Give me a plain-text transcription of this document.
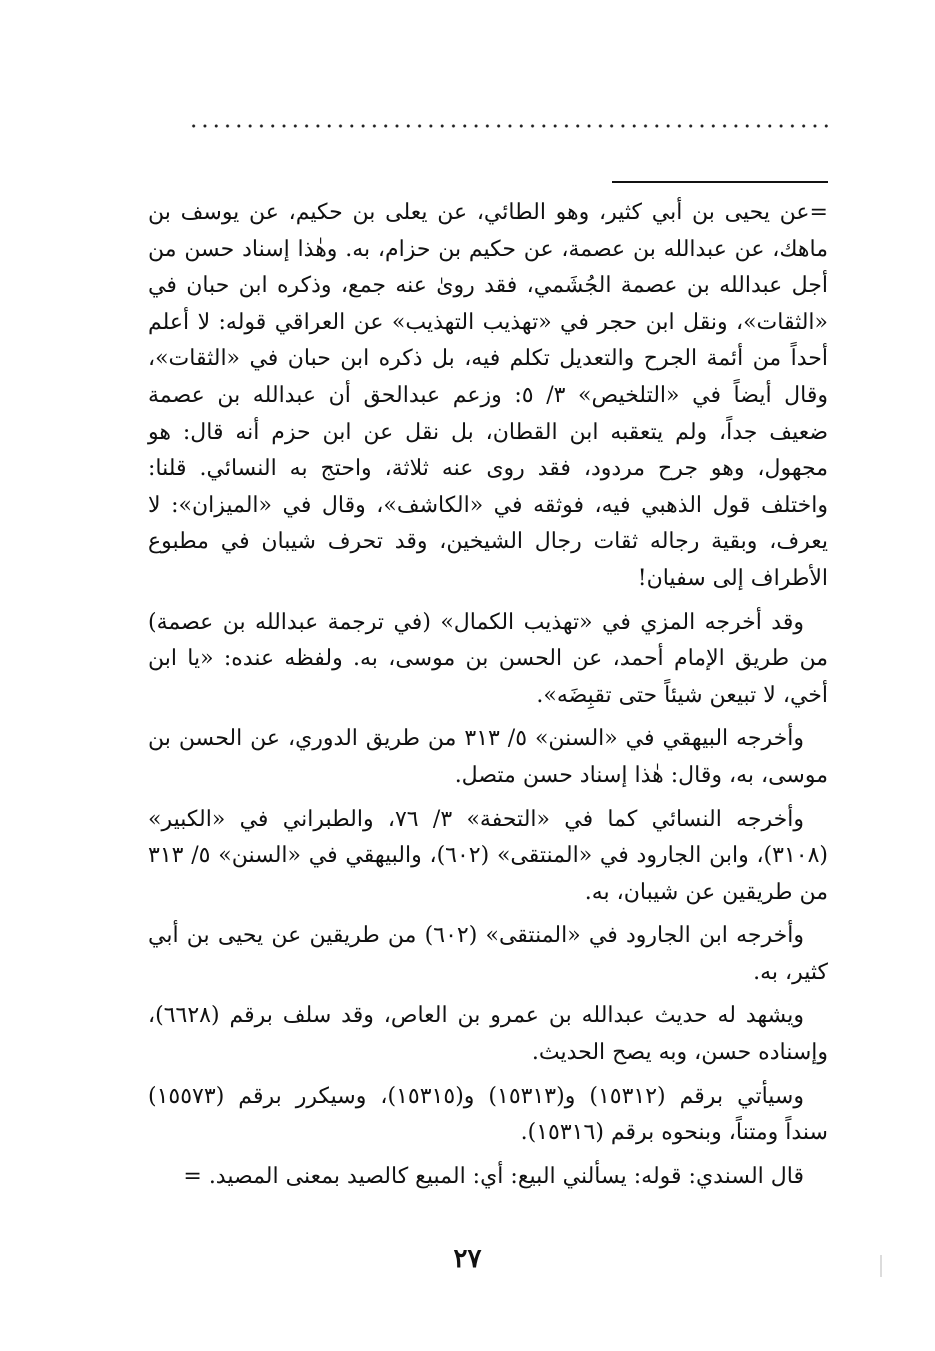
=عن يحيى بن أبي كثير، وهو الطائي، عن يعلى بن حكيم، عن يوسف بن ماهك، عن عبدالله بن عصمة، عن حكيم بن حزام، به. وهٰذا إسناد حسن من أجل عبدالله بن عصمة الجُشَمي، فقد روىٰ عنه جمع، وذكره ابن حبان في «الثقات»، ونقل ابن حجر في «تهذيب التهذيب» عن العراقي قوله: لا أعلم أحداً من أئمة الجرح والتعديل تكلم فيه، بل ذكره ابن حبان في «الثقات»، وقال أيضاً في «التلخيص» ٣/ ٥: وزعم عبدالحق أن عبدالله بن عصمة ضعيف جداً، ولم يتعقبه ابن القطان، بل نقل عن ابن حزم أنه قال: هو مجهول، وهو جرح مردود، فقد روى عنه ثلاثة، واحتج به النسائي. قلنا: واختلف قول الذهبي فيه، فوثقه في «الكاشف»، وقال في «الميزان»: لا يعرف، وبقية رجاله ثقات رجال الشيخين، وقد تحرف شيبان في مطبوع الأطراف إلى سفيان!

وقد أخرجه المزي في «تهذيب الكمال» (في ترجمة عبدالله بن عصمة) من طريق الإمام أحمد، عن الحسن بن موسى، به. ولفظه عنده: «يا ابن أخي، لا تبيعن شيئاً حتى تقبِضَه».

وأخرجه البيهقي في «السنن» ٥/ ٣١٣ من طريق الدوري، عن الحسن بن موسى، به، وقال: هٰذا إسناد حسن متصل.

وأخرجه النسائي كما في «التحفة» ٣/ ٧٦، والطبراني في «الكبير» (٣١٠٨)، وابن الجارود في «المنتقى» (٦٠٢)، والبيهقي في «السنن» ٥/ ٣١٣ من طريقين عن شيبان، به.

وأخرجه ابن الجارود في «المنتقى» (٦٠٢) من طريقين عن يحيى بن أبي كثير، به.

ويشهد له حديث عبدالله بن عمرو بن العاص، وقد سلف برقم (٦٦٢٨)، وإسناده حسن، وبه يصح الحديث.

وسيأتي برقم (١٥٣١٢) و(١٥٣١٣) و(١٥٣١٥)، وسيكرر برقم (١٥٥٧٣) سنداً ومتناً، وبنحوه برقم (١٥٣١٦).

قال السندي: قوله: يسألني البيع: أي: المبيع كالصيد بمعنى المصيد. =

٢٧
